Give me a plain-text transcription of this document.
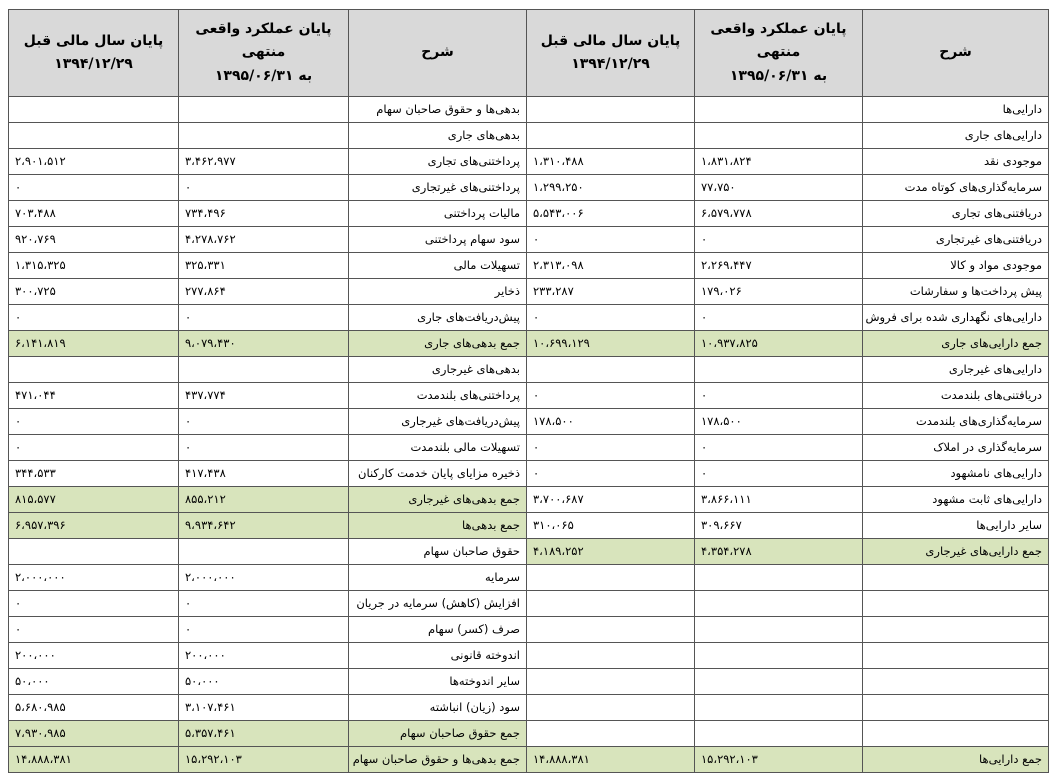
شرح	پایان عملکرد واقعی منتهی
به ۱۳۹۵/۰۶/۳۱	پایان سال مالی قبل
۱۳۹۴/۱۲/۲۹	شرح	پایان عملکرد واقعی منتهی
به ۱۳۹۵/۰۶/۳۱	پایان سال مالی قبل
۱۳۹۴/۱۲/۲۹
دارایی‌ها			بدهی‌ها و حقوق صاحبان سهام		
دارایی‌های جاری			بدهی‌های جاری		
موجودی نقد	۱،۸۳۱،۸۲۴	۱،۳۱۰،۴۸۸	پرداختنی‌های تجاری	۳،۴۶۲،۹۷۷	۲،۹۰۱،۵۱۲
سرمایه‌گذاری‌های کوتاه مدت	۷۷،۷۵۰	۱،۲۹۹،۲۵۰	پرداختنی‌های غیرتجاری	۰	۰
دریافتنی‌های تجاری	۶،۵۷۹،۷۷۸	۵،۵۴۳،۰۰۶	مالیات پرداختنی	۷۳۴،۴۹۶	۷۰۳،۴۸۸
دریافتنی‌های غیرتجاری	۰	۰	سود سهام پرداختنی	۴،۲۷۸،۷۶۲	۹۲۰،۷۶۹
موجودی مواد و کالا	۲،۲۶۹،۴۴۷	۲،۳۱۳،۰۹۸	تسهیلات مالی	۳۲۵،۳۳۱	۱،۳۱۵،۳۲۵
پیش پرداخت‌ها و سفارشات	۱۷۹،۰۲۶	۲۳۳،۲۸۷	ذخایر	۲۷۷،۸۶۴	۳۰۰،۷۲۵
دارایی‌های نگهداری شده برای فروش	۰	۰	پیش‌دریافت‌های جاری	۰	۰
جمع دارایی‌های جاری	۱۰،۹۳۷،۸۲۵	۱۰،۶۹۹،۱۲۹	جمع بدهی‌های جاری	۹،۰۷۹،۴۳۰	۶،۱۴۱،۸۱۹
دارایی‌های غیرجاری			بدهی‌های غیرجاری		
دریافتنی‌های بلندمدت	۰	۰	پرداختنی‌های بلندمدت	۴۳۷،۷۷۴	۴۷۱،۰۴۴
سرمایه‌گذاری‌های بلندمدت	۱۷۸،۵۰۰	۱۷۸،۵۰۰	پیش‌دریافت‌های غیرجاری	۰	۰
سرمایه‌گذاری در املاک	۰	۰	تسهیلات مالی بلندمدت	۰	۰
دارایی‌های نامشهود	۰	۰	ذخیره مزایای پایان خدمت کارکنان	۴۱۷،۴۳۸	۳۴۴،۵۳۳
دارایی‌های ثابت مشهود	۳،۸۶۶،۱۱۱	۳،۷۰۰،۶۸۷	جمع بدهی‌های غیرجاری	۸۵۵،۲۱۲	۸۱۵،۵۷۷
سایر دارایی‌ها	۳۰۹،۶۶۷	۳۱۰،۰۶۵	جمع بدهی‌ها	۹،۹۳۴،۶۴۲	۶،۹۵۷،۳۹۶
جمع دارایی‌های غیرجاری	۴،۳۵۴،۲۷۸	۴،۱۸۹،۲۵۲	حقوق صاحبان سهام		
			سرمایه	۲،۰۰۰،۰۰۰	۲،۰۰۰،۰۰۰
			افزایش (کاهش) سرمایه در جریان	۰	۰
			صرف (کسر) سهام	۰	۰
			اندوخته قانونی	۲۰۰،۰۰۰	۲۰۰،۰۰۰
			سایر اندوخته‌ها	۵۰،۰۰۰	۵۰،۰۰۰
			سود (زیان) انباشته	۳،۱۰۷،۴۶۱	۵،۶۸۰،۹۸۵
			جمع حقوق صاحبان سهام	۵،۳۵۷،۴۶۱	۷،۹۳۰،۹۸۵
جمع دارایی‌ها	۱۵،۲۹۲،۱۰۳	۱۴،۸۸۸،۳۸۱	جمع بدهی‌ها و حقوق صاحبان سهام	۱۵،۲۹۲،۱۰۳	۱۴،۸۸۸،۳۸۱
